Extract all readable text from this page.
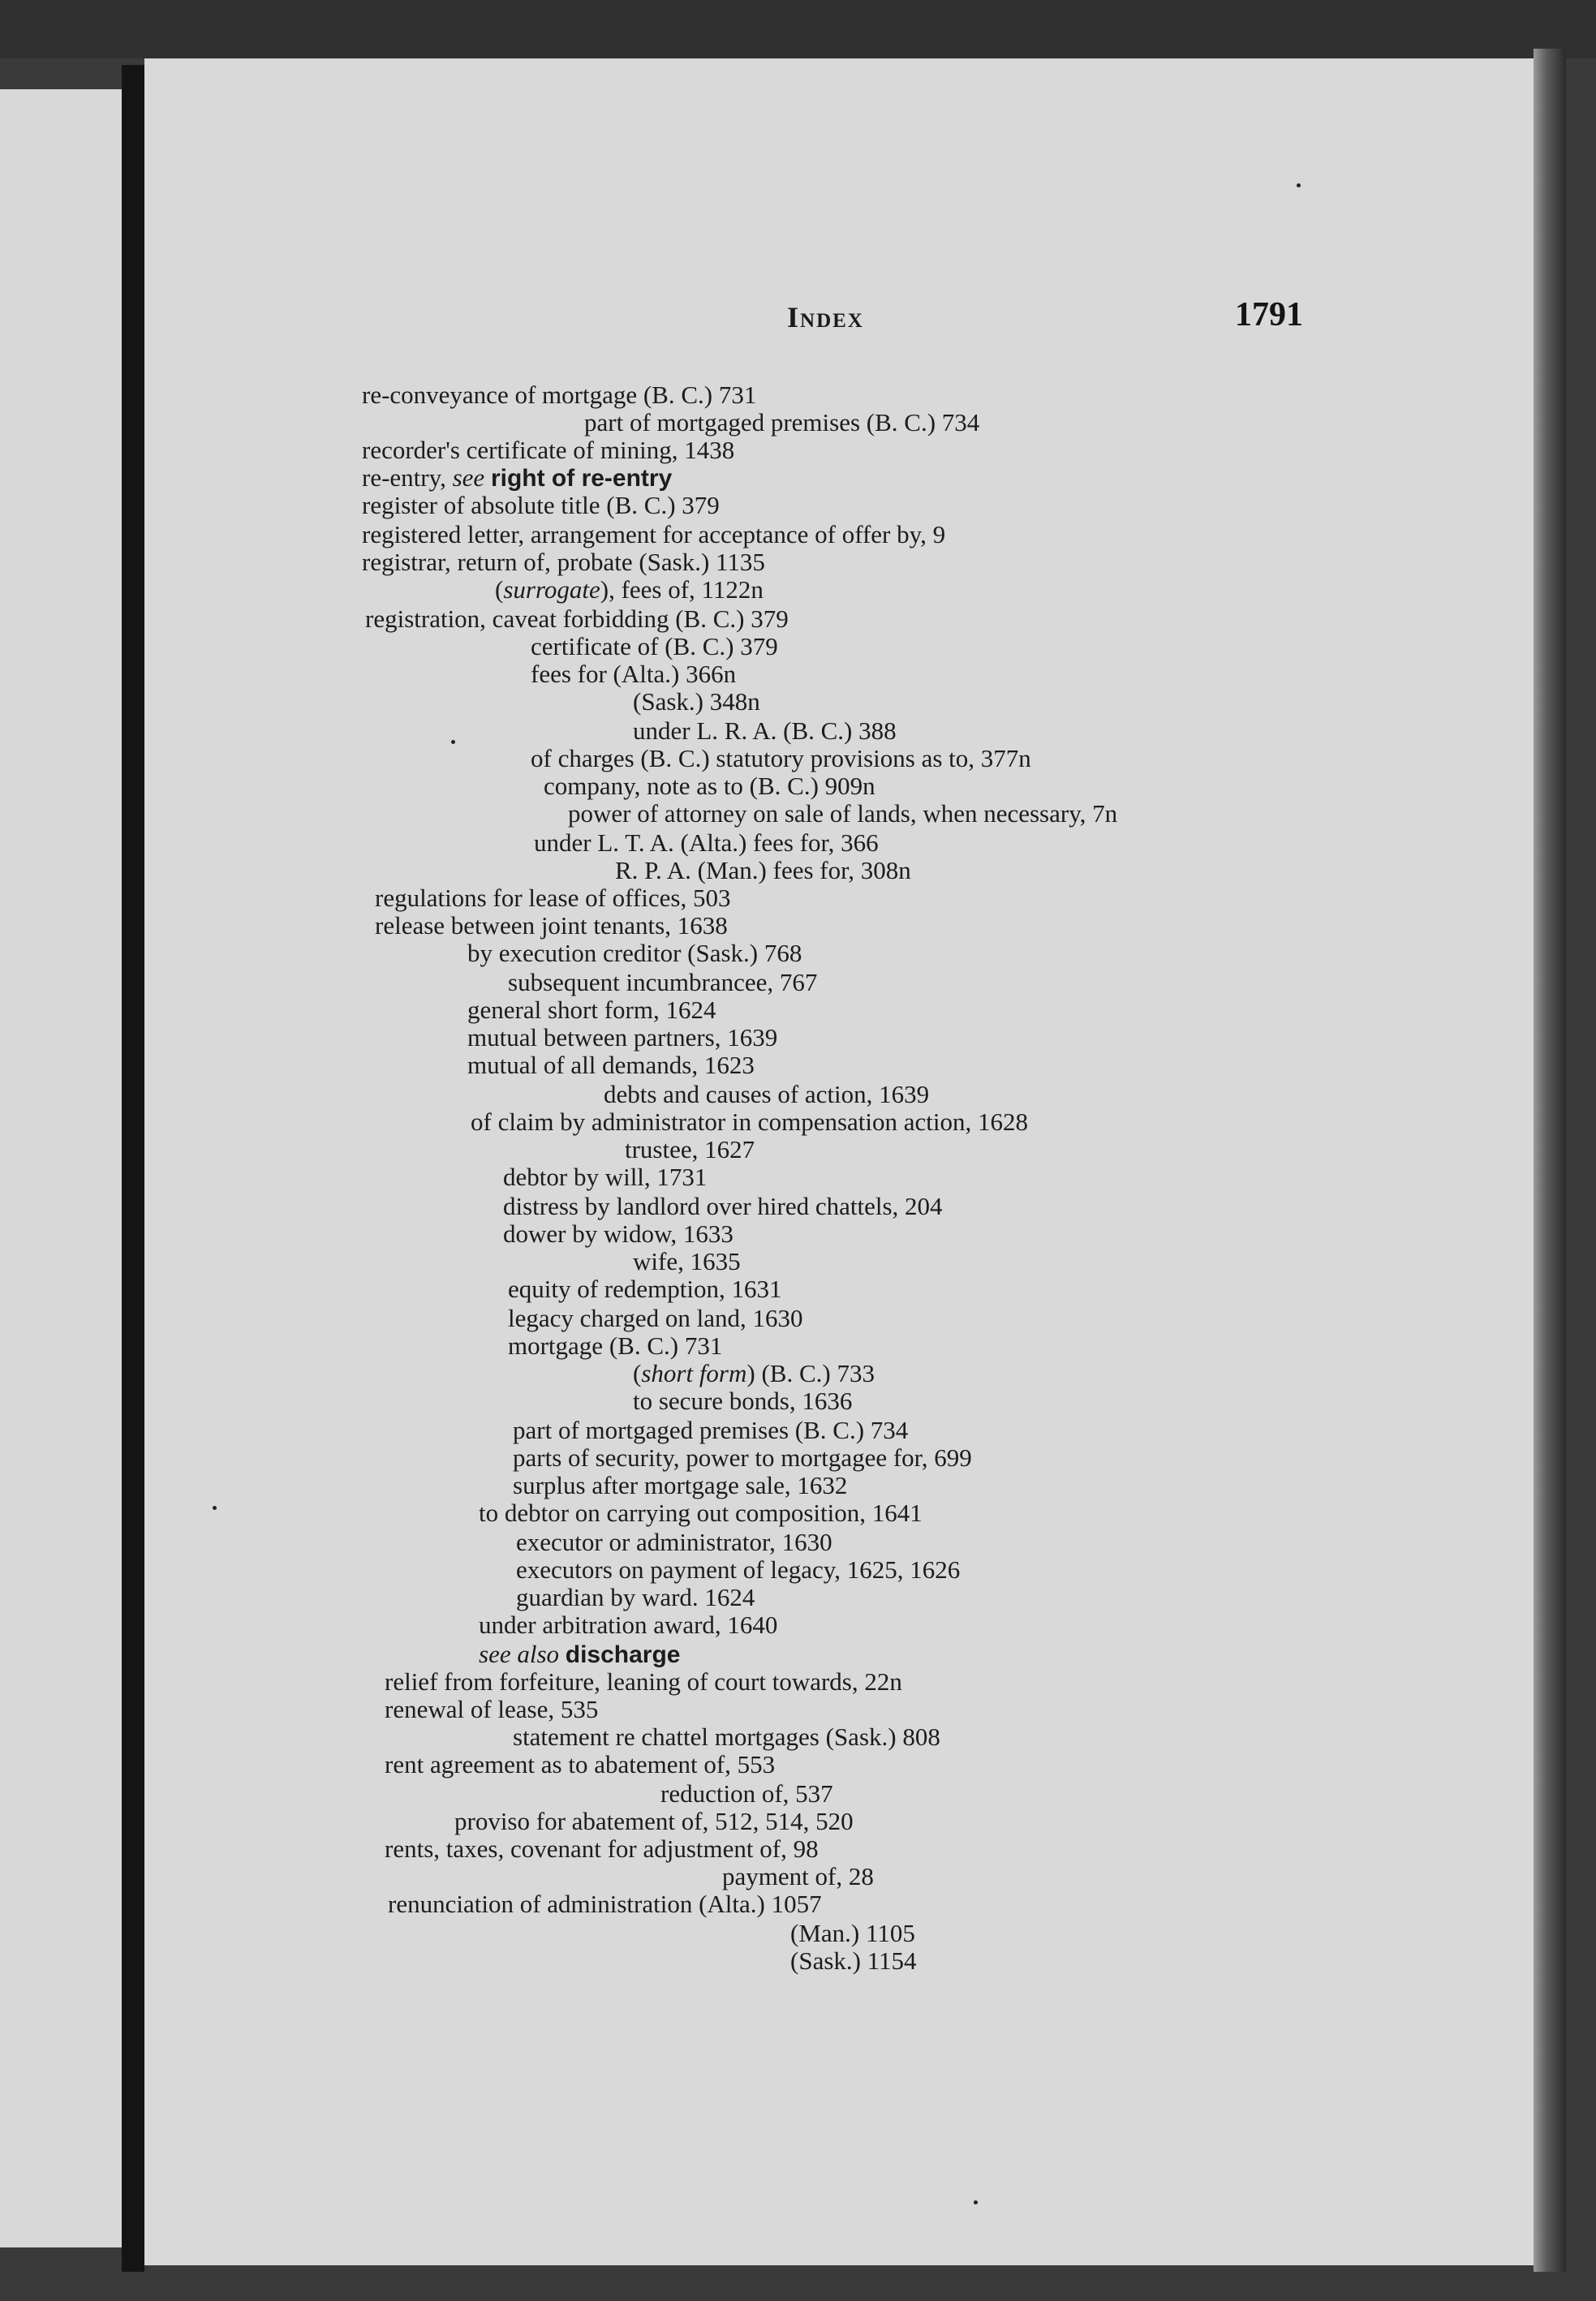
Index	1791
re-conveyance of mortgage (B. C.) 731
part of mortgaged premises (B. C.) 734
recorder's certificate of mining, 1438
re-entry, see right of re-entry
register of absolute title (B. C.) 379
registered letter, arrangement for acceptance of offer by, 9
registrar, return of, probate (Sask.) 1135
(surrogate), fees of, 1122n
registration, caveat forbidding (B. C.) 379
certificate of (B. C.) 379
fees for (Alta.) 366n
(Sask.) 348n
under L. R. A. (B. C.) 388
of charges (B. C.) statutory provisions as to, 377n
company, note as to (B. C.) 909n
power of attorney on sale of lands, when necessary, 7n
under L. T. A. (Alta.) fees for, 366
R. P. A. (Man.) fees for, 308n
regulations for lease of offices, 503
release between joint tenants, 1638
by execution creditor (Sask.) 768
subsequent incumbrancee, 767
general short form, 1624
mutual between partners, 1639
mutual of all demands, 1623
debts and causes of action, 1639
of claim by administrator in compensation action, 1628
trustee, 1627
debtor by will, 1731
distress by landlord over hired chattels, 204
dower by widow, 1633
wife, 1635
equity of redemption, 1631
legacy charged on land, 1630
mortgage (B. C.) 731
(short form) (B. C.) 733
to secure bonds, 1636
part of mortgaged premises (B. C.) 734
parts of security, power to mortgagee for, 699
surplus after mortgage sale, 1632
to debtor on carrying out composition, 1641
executor or administrator, 1630
executors on payment of legacy, 1625, 1626
guardian by ward. 1624
under arbitration award, 1640
see also discharge
relief from forfeiture, leaning of court towards, 22n
renewal of lease, 535
statement re chattel mortgages (Sask.) 808
rent agreement as to abatement of, 553
reduction of, 537
proviso for abatement of, 512, 514, 520
rents, taxes, covenant for adjustment of, 98
payment of, 28
renunciation of administration (Alta.) 1057
(Man.) 1105
(Sask.) 1154
